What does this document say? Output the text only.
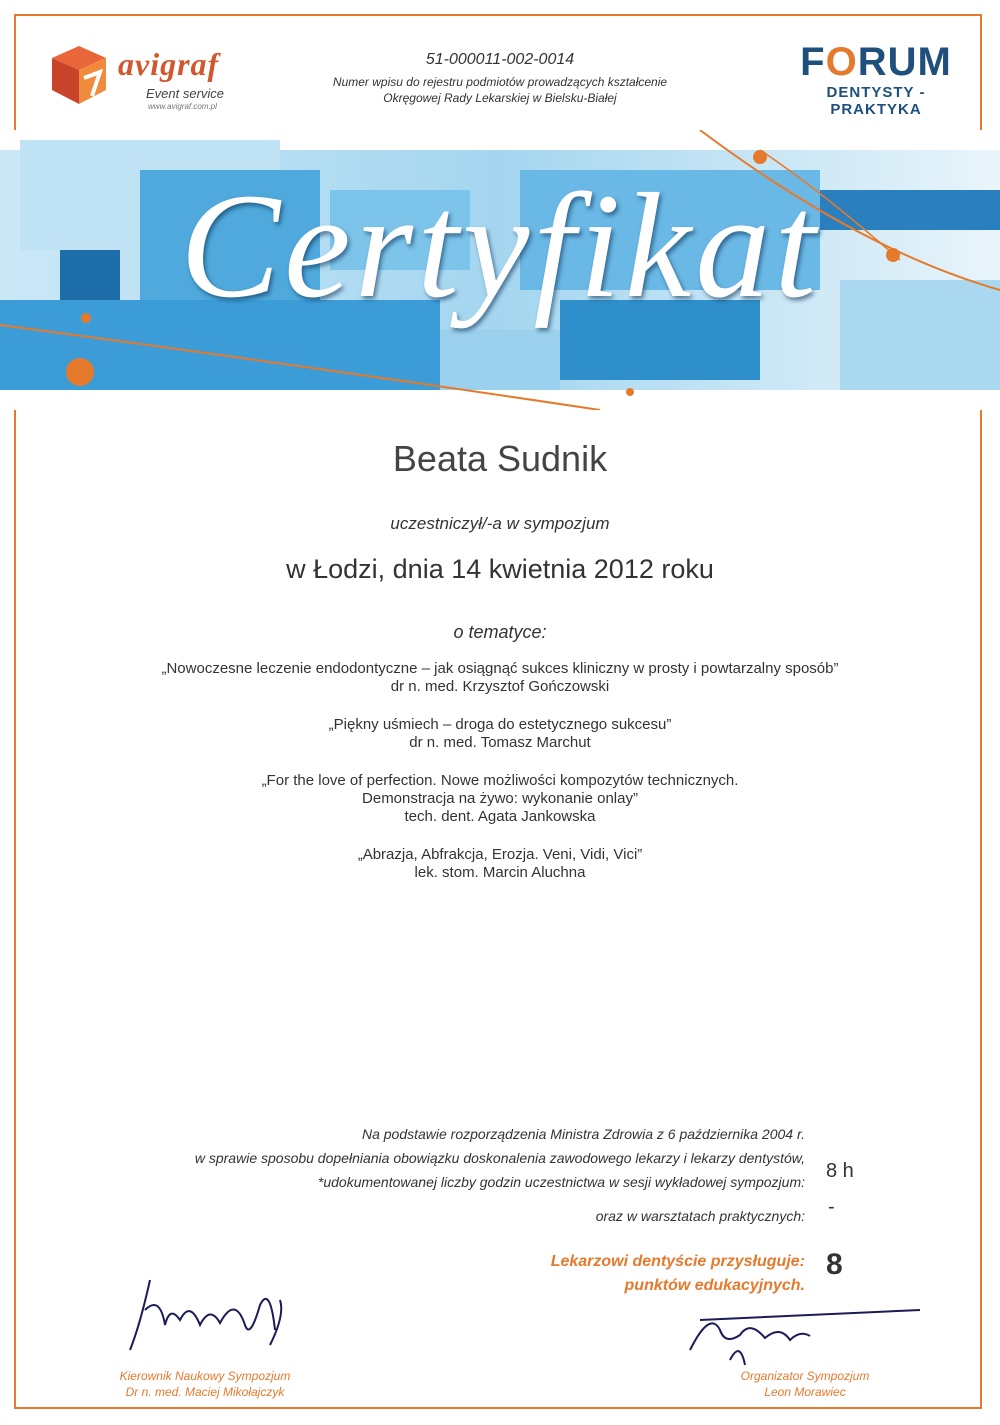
avigraf
Event service
www.avigraf.com.pl
51-000011-002-0014
Numer wpisu do rejestru podmiotów prowadzących kształcenie
Okręgowej Rady Lekarskiej w Bielsku-Białej
FORUM
DENTYSTY - PRAKTYKA
Certyfikat
Beata Sudnik
uczestniczył/-a w sympozjum
w Łodzi, dnia 14 kwietnia 2012 roku
o tematyce:
„Nowoczesne leczenie endodontyczne – jak osiągnąć sukces kliniczny w prosty i powtarzalny sposób”
dr n. med. Krzysztof Gończowski
„Piękny uśmiech – droga do estetycznego sukcesu”
dr n. med. Tomasz Marchut
„For the love of perfection. Nowe możliwości kompozytów technicznych.
Demonstracja na żywo: wykonanie onlay”
tech. dent. Agata Jankowska
„Abrazja, Abfrakcja, Erozja. Veni, Vidi, Vici”
lek. stom. Marcin Aluchna
Na podstawie rozporządzenia Ministra Zdrowia z 6 października 2004 r.
w sprawie sposobu dopełniania obowiązku doskonalenia zawodowego lekarzy i lekarzy dentystów,
*udokumentowanej liczby godzin uczestnictwa w sesji wykładowej sympozjum: 8 h
oraz w warsztatach praktycznych: -
Lekarzowi dentyście przysługuje:
punktów edukacyjnych.
8
Kierownik Naukowy Sympozjum
Dr n. med. Maciej Mikołajczyk
Organizator Sympozjum
Leon Morawiec
